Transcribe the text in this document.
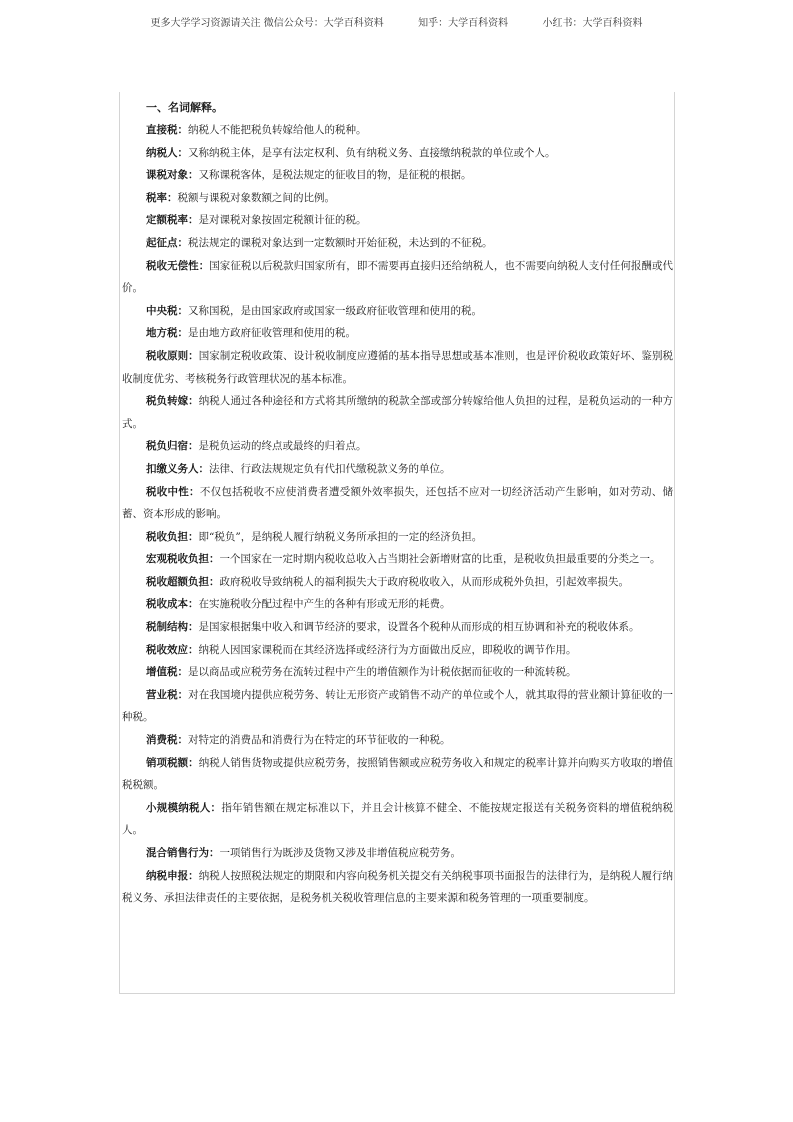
更多大学学习资源请关注 微信公众号：大学百科资料	知乎：大学百科资料	小红书：大学百科资料

一、名词解释。

直接税：纳税人不能把税负转嫁给他人的税种。

纳税人：又称纳税主体，是享有法定权利、负有纳税义务、直接缴纳税款的单位或个人。

课税对象：又称课税客体，是税法规定的征收目的物，是征税的根据。

税率：税额与课税对象数额之间的比例。

定额税率：是对课税对象按固定税额计征的税。

起征点：税法规定的课税对象达到一定数额时开始征税，未达到的不征税。

税收无偿性：国家征税以后税款归国家所有，即不需要再直接归还给纳税人，也不需要向纳税人支付任何报酬或代价。

中央税：又称国税，是由国家政府或国家一级政府征收管理和使用的税。

地方税：是由地方政府征收管理和使用的税。

税收原则：国家制定税收政策、设计税收制度应遵循的基本指导思想或基本准则，也是评价税收政策好坏、鉴别税收制度优劣、考核税务行政管理状况的基本标准。

税负转嫁：纳税人通过各种途径和方式将其所缴纳的税款全部或部分转嫁给他人负担的过程，是税负运动的一种方式。

税负归宿：是税负运动的终点或最终的归着点。

扣缴义务人：法律、行政法规规定负有代扣代缴税款义务的单位。

税收中性：不仅包括税收不应使消费者遭受额外效率损失，还包括不应对一切经济活动产生影响，如对劳动、储蓄、资本形成的影响。

税收负担：即“税负”，是纳税人履行纳税义务所承担的一定的经济负担。

宏观税收负担：一个国家在一定时期内税收总收入占当期社会新增财富的比重，是税收负担最重要的分类之一。

税收超额负担：政府税收导致纳税人的福利损失大于政府税收收入，从而形成税外负担，引起效率损失。

税收成本：在实施税收分配过程中产生的各种有形或无形的耗费。

税制结构：是国家根据集中收入和调节经济的要求，设置各个税种从而形成的相互协调和补充的税收体系。

税收效应：纳税人因国家课税而在其经济选择或经济行为方面做出反应，即税收的调节作用。

增值税：是以商品或应税劳务在流转过程中产生的增值额作为计税依据而征收的一种流转税。

营业税：对在我国境内提供应税劳务、转让无形资产或销售不动产的单位或个人，就其取得的营业额计算征收的一种税。

消费税：对特定的消费品和消费行为在特定的环节征收的一种税。

销项税额：纳税人销售货物或提供应税劳务，按照销售额或应税劳务收入和规定的税率计算并向购买方收取的增值税税额。

小规模纳税人：指年销售额在规定标准以下，并且会计核算不健全、不能按规定报送有关税务资料的增值税纳税人。

混合销售行为：一项销售行为既涉及货物又涉及非增值税应税劳务。

纳税申报：纳税人按照税法规定的期限和内容向税务机关提交有关纳税事项书面报告的法律行为，是纳税人履行纳税义务、承担法律责任的主要依据，是税务机关税收管理信息的主要来源和税务管理的一项重要制度。
